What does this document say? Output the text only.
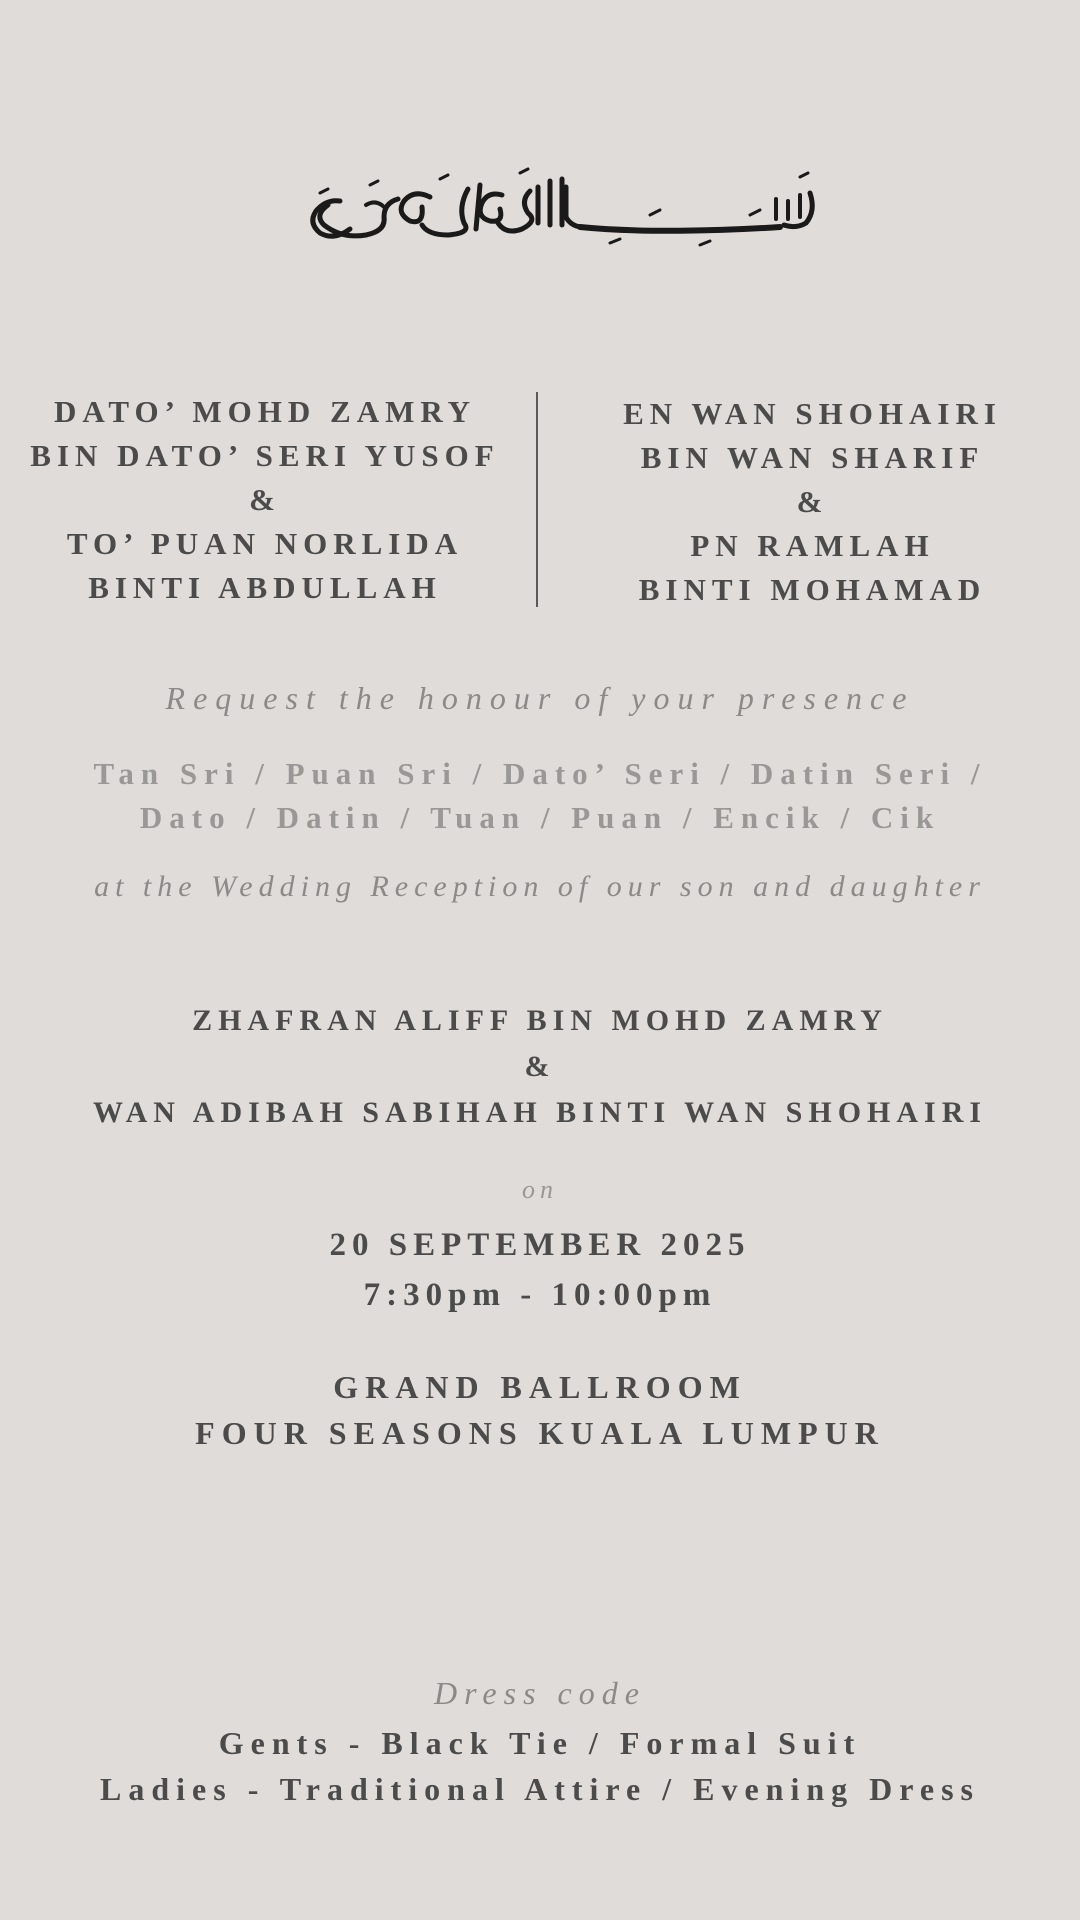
DATO’ MOHD ZAMRY
BIN DATO’ SERI YUSOF
&
TO’ PUAN NORLIDA
BINTI ABDULLAH
EN WAN SHOHAIRI
BIN WAN SHARIF
&
PN RAMLAH
BINTI MOHAMAD
Request the honour of your presence
Tan Sri / Puan Sri / Dato’ Seri / Datin Seri /
Dato / Datin / Tuan / Puan / Encik / Cik
at the Wedding Reception of our son and daughter
ZHAFRAN ALIFF BIN MOHD ZAMRY
&
WAN ADIBAH SABIHAH BINTI WAN SHOHAIRI
on
20 SEPTEMBER 2025
7:30pm - 10:00pm
GRAND BALLROOM
FOUR SEASONS KUALA LUMPUR
Dress code
Gents - Black Tie / Formal Suit
Ladies - Traditional Attire / Evening Dress
